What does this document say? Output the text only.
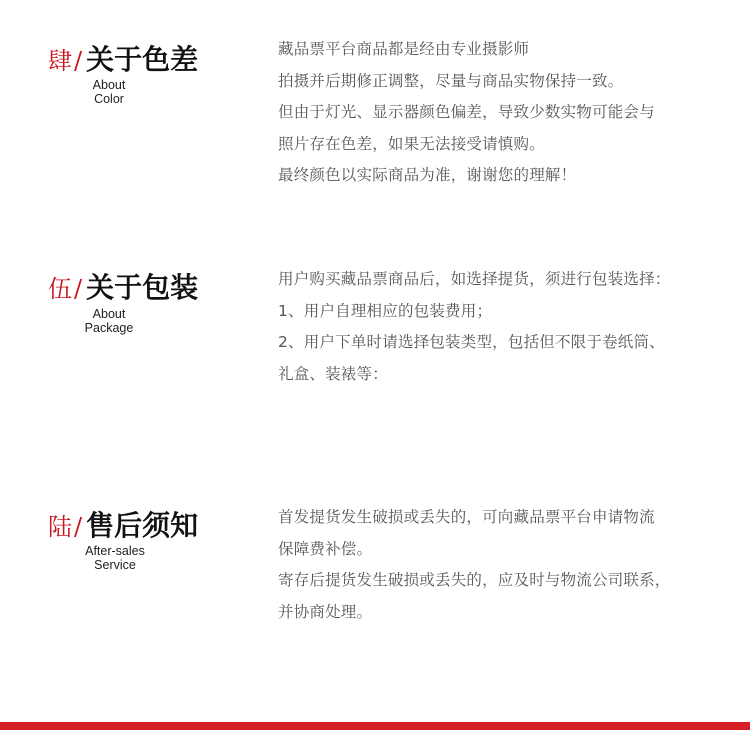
肆/ 关于色差
About
Color
藏品票平台商品都是经由专业摄影师
拍摄并后期修正调整，尽量与商品实物保持一致。
但由于灯光、显示器颜色偏差，导致少数实物可能会与
照片存在色差，如果无法接受请慎购。
最终颜色以实际商品为准，谢谢您的理解！
伍/ 关于包装
About
Package
用户购买藏品票商品后，如选择提货，须进行包装选择：
1、用户自理相应的包装费用；
2、用户下单时请选择包装类型，包括但不限于卷纸筒、
礼盒、装裱等：
陆/ 售后须知
After-sales
Service
首发提货发生破损或丢失的，可向藏品票平台申请物流
保障费补偿。
寄存后提货发生破损或丢失的，应及时与物流公司联系，
并协商处理。
